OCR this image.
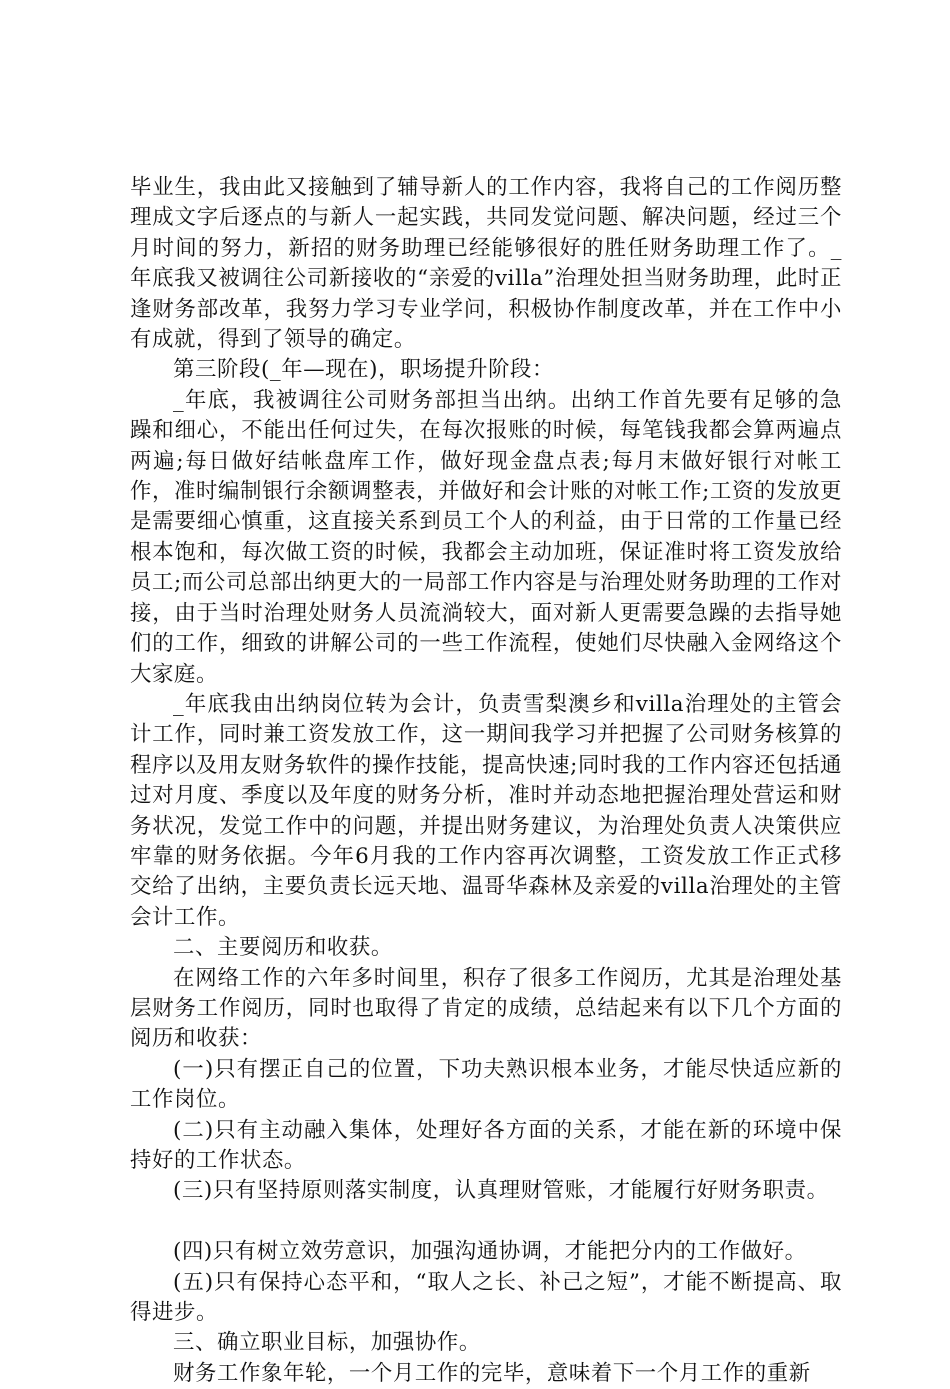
毕业生，我由此又接触到了辅导新人的工作内容，我将自己的工作阅历整理成文字后逐点的与新人一起实践，共同发觉问题、解决问题，经过三个月时间的努力，新招的财务助理已经能够很好的胜任财务助理工作了。_年底我又被调往公司新接收的“亲爱的villa”治理处担当财务助理，此时正逢财务部改革，我努力学习专业学问，积极协作制度改革，并在工作中小有成就，得到了领导的确定。

第三阶段(_年—现在)，职场提升阶段：

_年底，我被调往公司财务部担当出纳。出纳工作首先要有足够的急躁和细心，不能出任何过失，在每次报账的时候，每笔钱我都会算两遍点两遍;每日做好结帐盘库工作，做好现金盘点表;每月末做好银行对帐工作，准时编制银行余额调整表，并做好和会计账的对帐工作;工资的发放更是需要细心慎重，这直接关系到员工个人的利益，由于日常的工作量已经根本饱和，每次做工资的时候，我都会主动加班，保证准时将工资发放给员工;而公司总部出纳更大的一局部工作内容是与治理处财务助理的工作对接，由于当时治理处财务人员流淌较大，面对新人更需要急躁的去指导她们的工作，细致的讲解公司的一些工作流程，使她们尽快融入金网络这个大家庭。

_年底我由出纳岗位转为会计，负责雪梨澳乡和villa治理处的主管会计工作，同时兼工资发放工作，这一期间我学习并把握了公司财务核算的程序以及用友财务软件的操作技能，提高快速;同时我的工作内容还包括通过对月度、季度以及年度的财务分析，准时并动态地把握治理处营运和财务状况，发觉工作中的问题，并提出财务建议，为治理处负责人决策供应牢靠的财务依据。今年6月我的工作内容再次调整，工资发放工作正式移交给了出纳，主要负责长远天地、温哥华森林及亲爱的villa治理处的主管会计工作。

二、主要阅历和收获。

在网络工作的六年多时间里，积存了很多工作阅历，尤其是治理处基层财务工作阅历，同时也取得了肯定的成绩，总结起来有以下几个方面的阅历和收获：

(一)只有摆正自己的位置，下功夫熟识根本业务，才能尽快适应新的工作岗位。

(二)只有主动融入集体，处理好各方面的关系，才能在新的环境中保持好的工作状态。

(三)只有坚持原则落实制度，认真理财管账，才能履行好财务职责。

(四)只有树立效劳意识，加强沟通协调，才能把分内的工作做好。

(五)只有保持心态平和，“取人之长、补己之短”，才能不断提高、取得进步。

三、确立职业目标，加强协作。

财务工作象年轮，一个月工作的完毕，意味着下一个月工作的重新
